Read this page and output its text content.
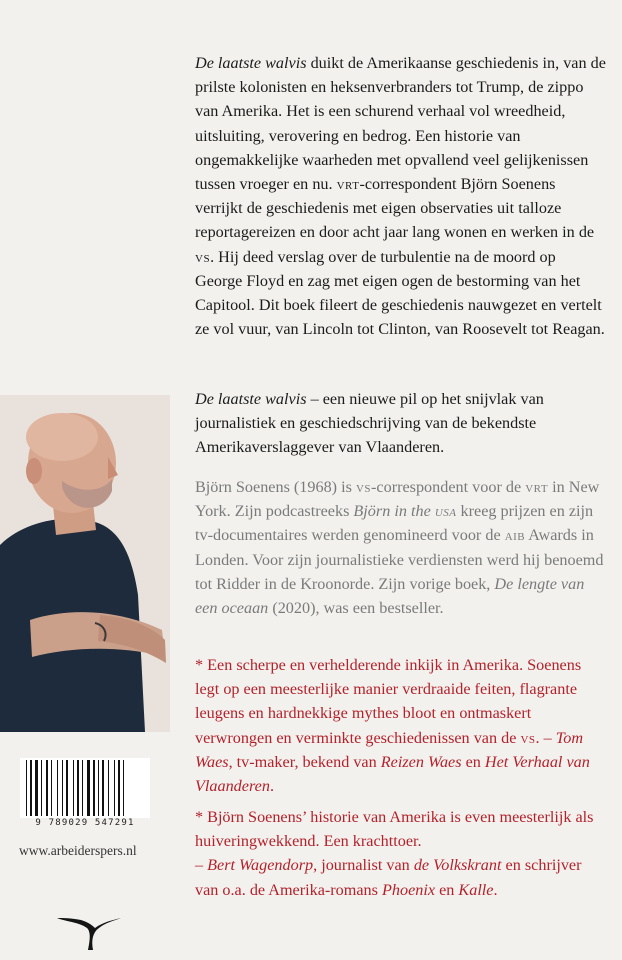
De laatste walvis duikt de Amerikaanse geschiedenis in, van de prilste kolonisten en heksenverbranders tot Trump, de zippo van Amerika. Het is een schurend verhaal vol wreedheid, uitsluiting, verovering en bedrog. Een historie van ongemakkelijke waarheden met opvallend veel gelijkenissen tussen vroeger en nu. vrt-correspondent Björn Soenens verrijkt de geschiedenis met eigen observaties uit talloze reportagereizen en door acht jaar lang wonen en werken in de vs. Hij deed verslag over de turbulentie na de moord op George Floyd en zag met eigen ogen de bestorming van het Capitool. Dit boek fileert de geschiedenis nauwgezet en vertelt ze vol vuur, van Lincoln tot Clinton, van Roosevelt tot Reagan.

De laatste walvis – een nieuwe pil op het snijvlak van journalistiek en geschiedschrijving van de bekendste Amerikaverslaggever van Vlaanderen.

Björn Soenens (1968) is vs-correspondent voor de vrt in New York. Zijn podcastreeks Björn in the usa kreeg prijzen en zijn tv-documentaires werden genomineerd voor de aib Awards in Londen. Voor zijn journalistieke verdiensten werd hij benoemd tot Ridder in de Kroonorde. Zijn vorige boek, De lengte van een oceaan (2020), was een bestseller.

* Een scherpe en verhelderende inkijk in Amerika. Soenens legt op een meesterlijke manier verdraaide feiten, flagrante leugens en hardnekkige mythes bloot en ontmaskert verwrongen en verminkte geschiedenissen van de vs. – Tom Waes, tv-maker, bekend van Reizen Waes en Het Verhaal van Vlaanderen.

* Björn Soenens’ historie van Amerika is even meesterlijk als huiveringwekkend. Een krachttoer.
– Bert Wagendorp, journalist van de Volkskrant en schrijver van o.a. de Amerika-romans Phoenix en Kalle.

9 789029 547291
www.arbeiderspers.nl
